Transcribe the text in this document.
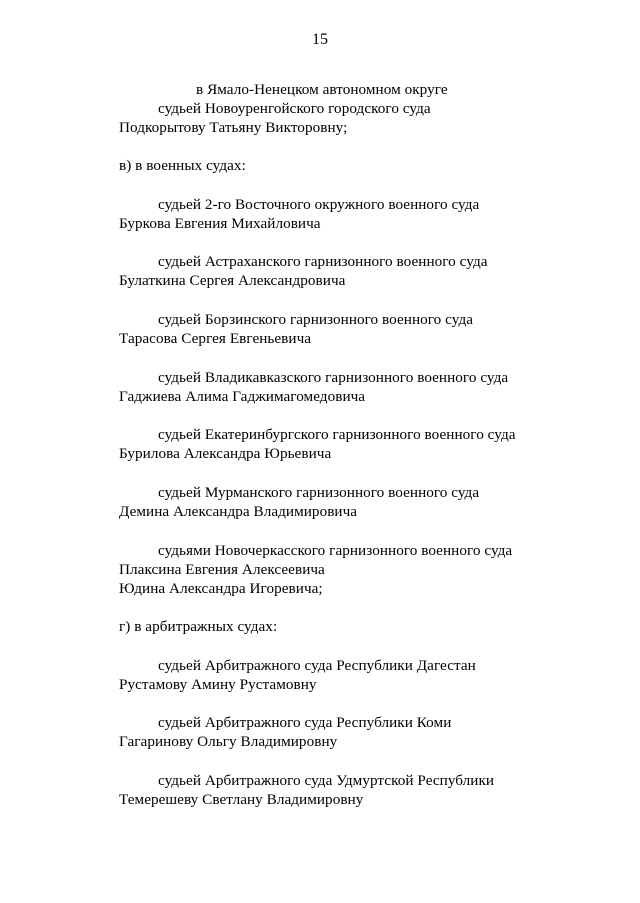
15
в Ямало-Ненецком автономном округе
судьей Новоуренгойского городского суда
Подкорытову Татьяну Викторовну;
в) в военных судах:
судьей 2-го Восточного окружного военного суда
Буркова Евгения Михайловича
судьей Астраханского гарнизонного военного суда
Булаткина Сергея Александровича
судьей Борзинского гарнизонного военного суда
Тарасова Сергея Евгеньевича
судьей Владикавказского гарнизонного военного суда
Гаджиева Алима Гаджимагомедовича
судьей Екатеринбургского гарнизонного военного суда
Бурилова Александра Юрьевича
судьей Мурманского гарнизонного военного суда
Демина Александра Владимировича
судьями Новочеркасского гарнизонного военного суда
Плаксина Евгения Алексеевича
Юдина Александра Игоревича;
г) в арбитражных судах:
судьей Арбитражного суда Республики Дагестан
Рустамову Амину Рустамовну
судьей Арбитражного суда Республики Коми
Гагаринову Ольгу Владимировну
судьей Арбитражного суда Удмуртской Республики
Темерешеву Светлану Владимировну
